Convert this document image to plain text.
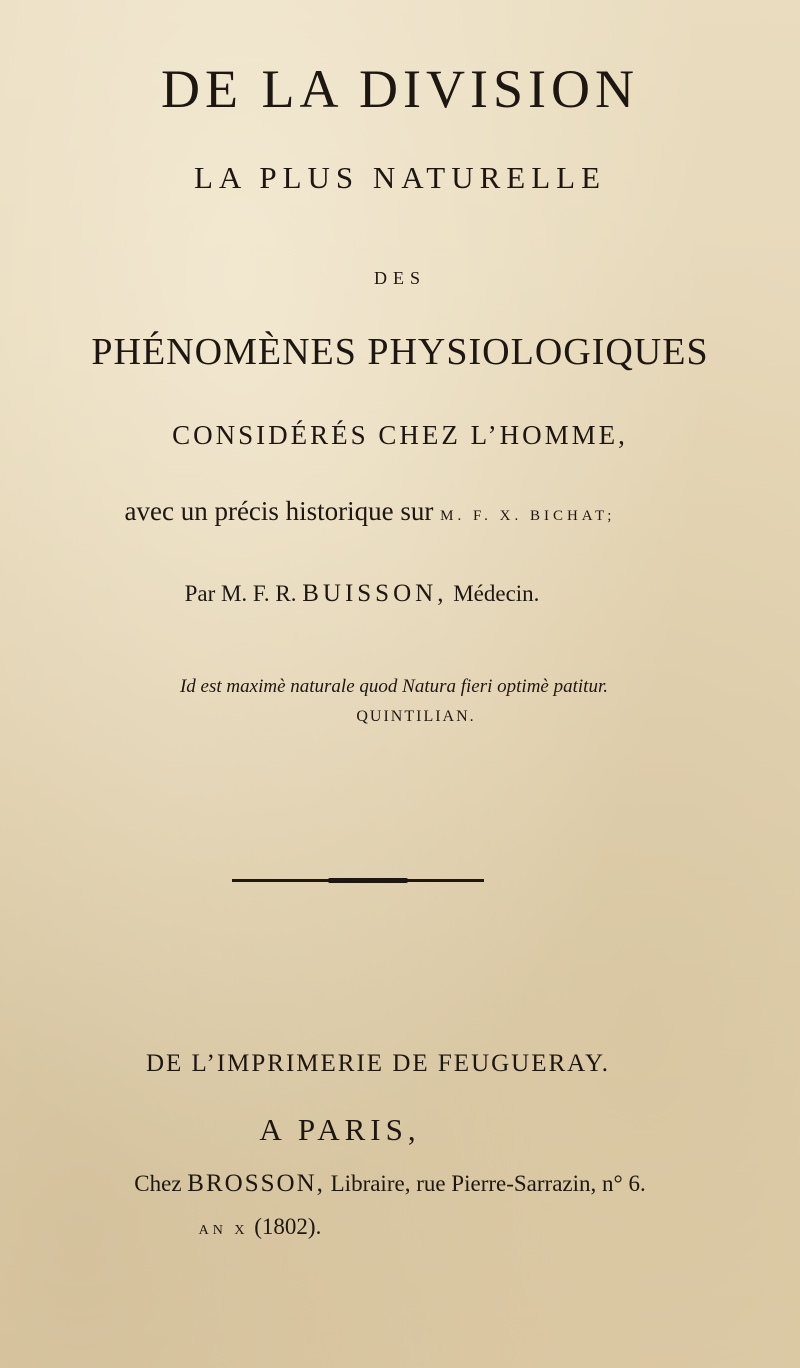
DE LA DIVISION
LA PLUS NATURELLE
DES
PHÉNOMÈNES PHYSIOLOGIQUES
CONSIDÉRÉS CHEZ L’HOMME,
avec un précis historique sur M. F. X. BICHAT;
Par M. F. R. BUISSON, Médecin.
Id est maximè naturale quod Natura fieri optimè patitur.
QUINTILIAN.
DE L’IMPRIMERIE DE FEUGUERAY.
A PARIS,
Chez BROSSON, Libraire, rue Pierre-Sarrazin, n° 6.
AN X (1802).
